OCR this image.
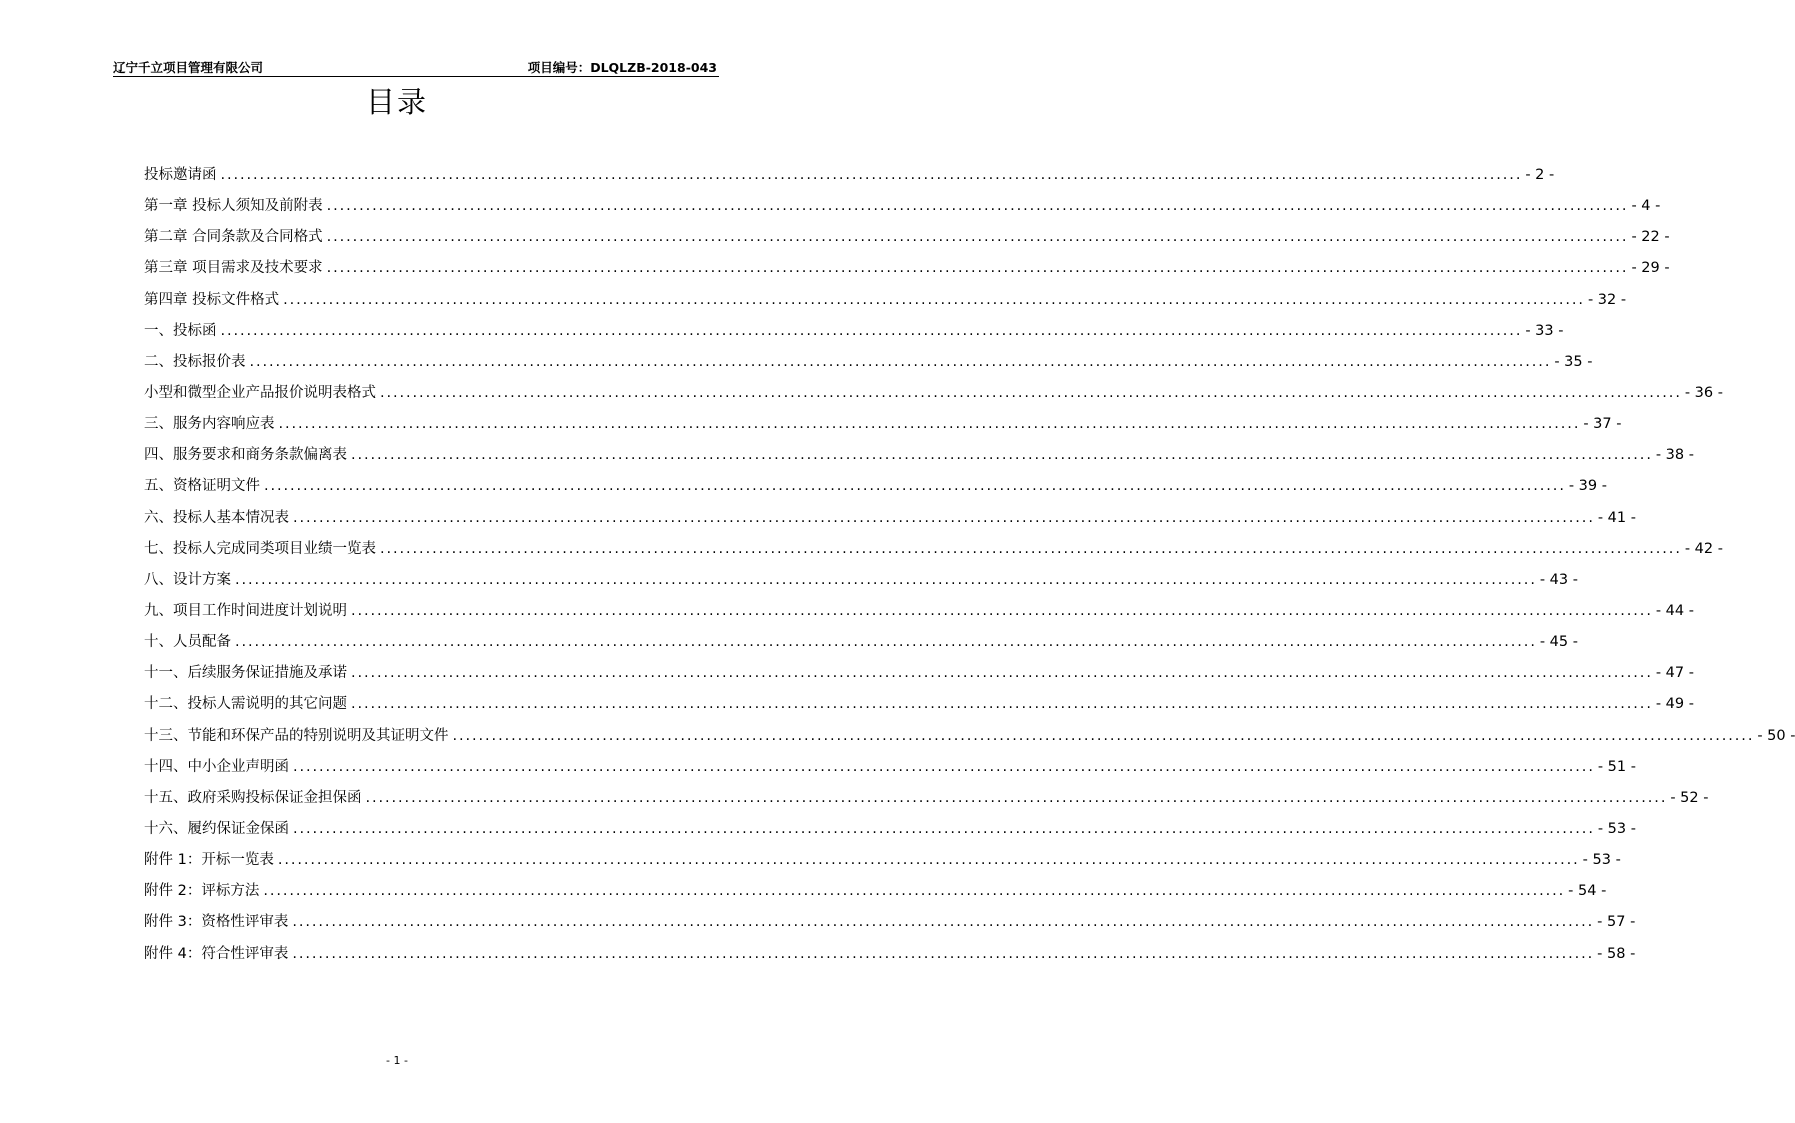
辽宁千立项目管理有限公司	项目编号：DLQLZB-2018-043
目录
投标邀请函 ........................................................................................................................................................................................................ - 2 -
第一章 投标人须知及前附表 ........................................................................................................................................................................................................ - 4 -
第二章 合同条款及合同格式 ........................................................................................................................................................................................................ - 22 -
第三章 项目需求及技术要求 ........................................................................................................................................................................................................ - 29 -
第四章 投标文件格式 ........................................................................................................................................................................................................ - 32 -
一、投标函 ........................................................................................................................................................................................................ - 33 -
二、投标报价表 ........................................................................................................................................................................................................ - 35 -
小型和微型企业产品报价说明表格式 ........................................................................................................................................................................................................ - 36 -
三、服务内容响应表 ........................................................................................................................................................................................................ - 37 -
四、服务要求和商务条款偏离表 ........................................................................................................................................................................................................ - 38 -
五、资格证明文件 ........................................................................................................................................................................................................ - 39 -
六、投标人基本情况表 ........................................................................................................................................................................................................ - 41 -
七、投标人完成同类项目业绩一览表 ........................................................................................................................................................................................................ - 42 -
八、设计方案 ........................................................................................................................................................................................................ - 43 -
九、项目工作时间进度计划说明 ........................................................................................................................................................................................................ - 44 -
十、人员配备 ........................................................................................................................................................................................................ - 45 -
十一、后续服务保证措施及承诺 ........................................................................................................................................................................................................ - 47 -
十二、投标人需说明的其它问题 ........................................................................................................................................................................................................ - 49 -
十三、节能和环保产品的特别说明及其证明文件 ........................................................................................................................................................................................................ - 50 -
十四、中小企业声明函 ........................................................................................................................................................................................................ - 51 -
十五、政府采购投标保证金担保函 ........................................................................................................................................................................................................ - 52 -
十六、履约保证金保函 ........................................................................................................................................................................................................ - 53 -
附件 1：开标一览表 ........................................................................................................................................................................................................ - 53 -
附件 2：评标方法 ........................................................................................................................................................................................................ - 54 -
附件 3：资格性评审表 ........................................................................................................................................................................................................ - 57 -
附件 4：符合性评审表 ........................................................................................................................................................................................................ - 58 -
- 1 -
